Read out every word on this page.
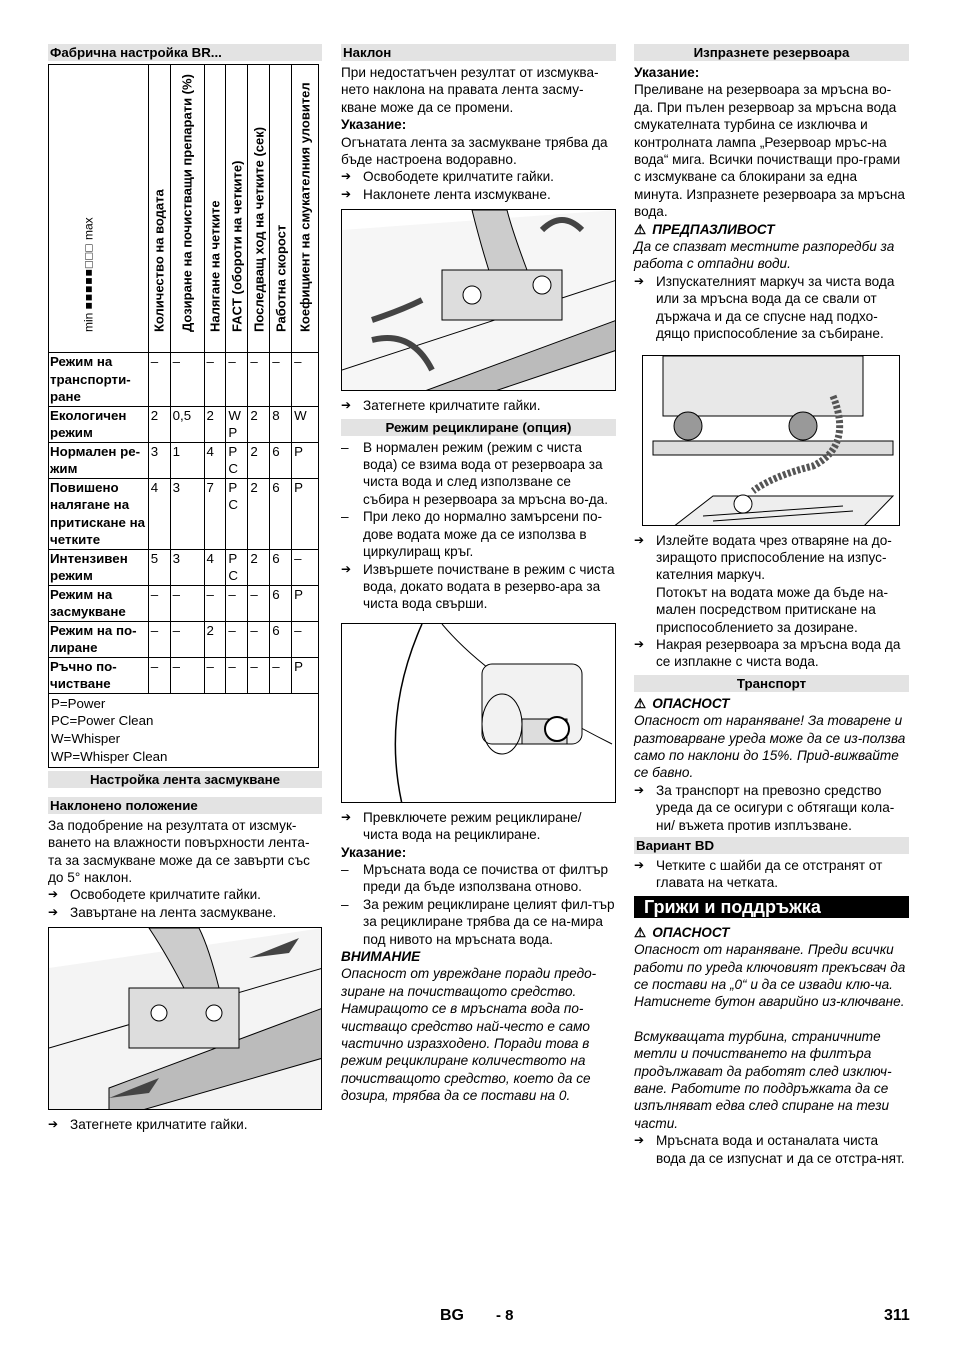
Фабрична настройка BR...
min ■■■■■□□□ max	Количество на водата	Дозиране на почистващи препарати (%)	Налягане на четките	FACT (обороти на четките)	Последващ ход на четките (сек)	Работна скорост	Коефициент на смукателния уловител

Режим на транспорти-ране	–	–	–	–	–	–	–
Екологичен режим	2	0,5	2	W P	2	8	W
Нормален ре-жим	3	1	4	P C	2	6	P
Повишено налягане на притискане на четките	4	3	7	P C	2	6	P
Интензивен режим	5	3	4	P C	2	6	–
Режим на засмукване	–	–	–	–	–	6	P
Режим на по-лиране	–	–	2	–	–	6	–
Ръчно по-чистване	–	–	–	–	–	–	P
P=Power
PC=Power Clean
W=Whisper
WP=Whisper Clean
Настройка лента засмукване
Наклонено положение
За подобрение на резултата от изсмук-ването на влажности повърхности лента-та за засмукване може да се завърти със до 5° наклон.
➔ Освободете крилчатите гайки.
➔ Завъртане на лента засмукване.
➔ Затегнете крилчатите гайки.
Наклон
При недостатъчен резултат от изсмуква-нето наклона на правата лента засму-кване може да се промени.
Указание:
Огънатата лента за засмукване трябва да бъде настроена водоравно.
➔ Освободете крилчатите гайки.
➔ Наклонете лента изсмукване.
➔ Затегнете крилчатите гайки.
Режим рециклиране (опция)
–	В нормален режим (режим с чиста вода) се взима вода от резервоара за чиста вода и след използване се събира н резервоара за мръсна во-да.
–	При леко до нормално замърсени по-дове водата може да се използва в циркулиращ кръг.
➔ Извършете почистване в режим с чиста вода, докато водата в резерво-ара за чиста вода свърши.
➔ Превключете режим рециклиране/ чиста вода на рециклиране.
Указание:
–	Мръсната вода се почиства от филтър преди да бъде използвана отново.
–	За режим рециклиране целият фил-тър за рециклиране трябва да се на-мира под нивото на мръсната вода.
ВНИМАНИЕ
Опасност от увреждане поради предо-зиране на почистващото средство. Намиращото се в мръсната вода по-чистващо средство най-често е само частично изразходено. Поради това в режим рециклиране количеството на почистващото средство, което да се дозира, трябва да се постави на 0.
Изпразнете резервоара
Указание:
Преливане на резервоара за мръсна во-да. При пълен резервоар за мръсна вода смукателната турбина се изключва и контролната лампа „Резервоар мръс-на вода“ мига. Всички почистващи про-грами с изсмукване са блокирани за една минута. Изпразнете резервоара за мръсна вода.
⚠ ПРЕДПАЗЛИВОСТ
Да се спазват местните разпоредби за работа с отпадни води.
➔ Изпускателният маркуч за чиста вода или за мръсна вода да се свали от държача и да се спусне над подхо-дящо приспособление за събиране.
➔ Излейте водата чрез отваряне на до-зиращото приспособление на изпус-кателния маркуч.
Потокът на водата може да бъде на-мален посредством притискане на приспособлението за дозиране.
➔ Накрая резервоара за мръсна вода да се изплакне с чиста вода.
Транспорт
⚠ ОПАСНОСТ
Опасност от нараняване! За товарене и разтоварване уреда може да се из-ползва само по наклони до 15%. Прид-вижвайте се бавно.
➔ За транспорт на превозно средство уреда да се осигури с обтягащи кола-ни/ въжета против изплъзване.
Вариант BD
➔ Четките с шайби да се отстранят от главата на четката.
Грижи и поддръжка
⚠ ОПАСНОСТ
Опасност от нараняване. Преди всички работи по уреда ключовият прекъсвач да се постави на „0“ и да се извади клю-ча. Натиснете бутон аварийно из-ключване.
Всмукващата турбина, страничните метли и почистването на филтъра продължават да работят след изключ-ване. Работите по поддръжката да се изпълняват едва след спиране на тези части.
➔ Мръсната вода и останалата чиста вода да се изпуснат и да се отстра-нят.
BG - 8	311
